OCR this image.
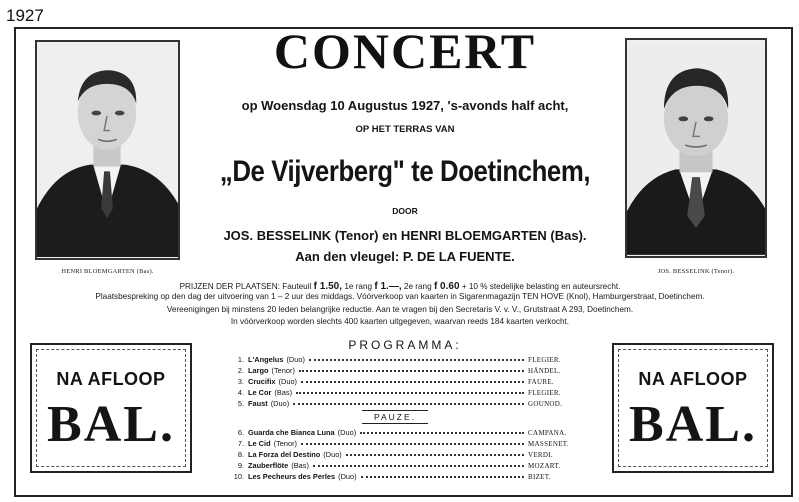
1927
HENRI BLOEMGARTEN (Bas).	JOS. BESSELINK (Tenor).
CONCERT
op Woensdag 10 Augustus 1927, 's-avonds half acht,
OP HET TERRAS VAN
„De Vijverberg" te Doetinchem,
DOOR
JOS. BESSELINK (Tenor) en HENRI BLOEMGARTEN (Bas).
Aan den vleugel: P. DE LA FUENTE.
PRIJZEN DER PLAATSEN: Fauteuil f 1.50, 1e rang f 1.—, 2e rang f 0.60 + 10 % stedelijke belasting en auteursrecht.
Plaatsbespreking op den dag der uitvoering van 1 – 2 uur des middags. Vóórverkoop van kaarten in Sigarenmagazijn TEN HOVE (Knol), Hamburgerstraat, Doetinchem.
Vereenigingen bij minstens 20 leden belangrijke reductie. Aan te vragen bij den Secretaris V. v. V., Grutstraat A 293, Doetinchem.
In vóórverkoop worden slechts 400 kaarten uitgegeven, waarvan reeds 184 kaarten verkocht.
NA AFLOOP
BAL.
NA AFLOOP
BAL.
PROGRAMMA:
1. L'Angelus (Duo)	FLEGIER.
2. Largo (Tenor)	HÄNDEL.
3. Crucifix (Duo)	FAURE.
4. Le Cor (Bas)	FLEGIER.
5. Faust (Duo)	GOUNOD.
PAUZE.
6. Guarda che Bianca Luna (Duo)	CAMPANA.
7. Le Cid (Tenor)	MASSENET.
8. La Forza del Destino (Duo)	VERDI.
9. Zauberflöte (Bas)	MOZART.
10. Les Pecheurs des Perles (Duo)	BIZET.
